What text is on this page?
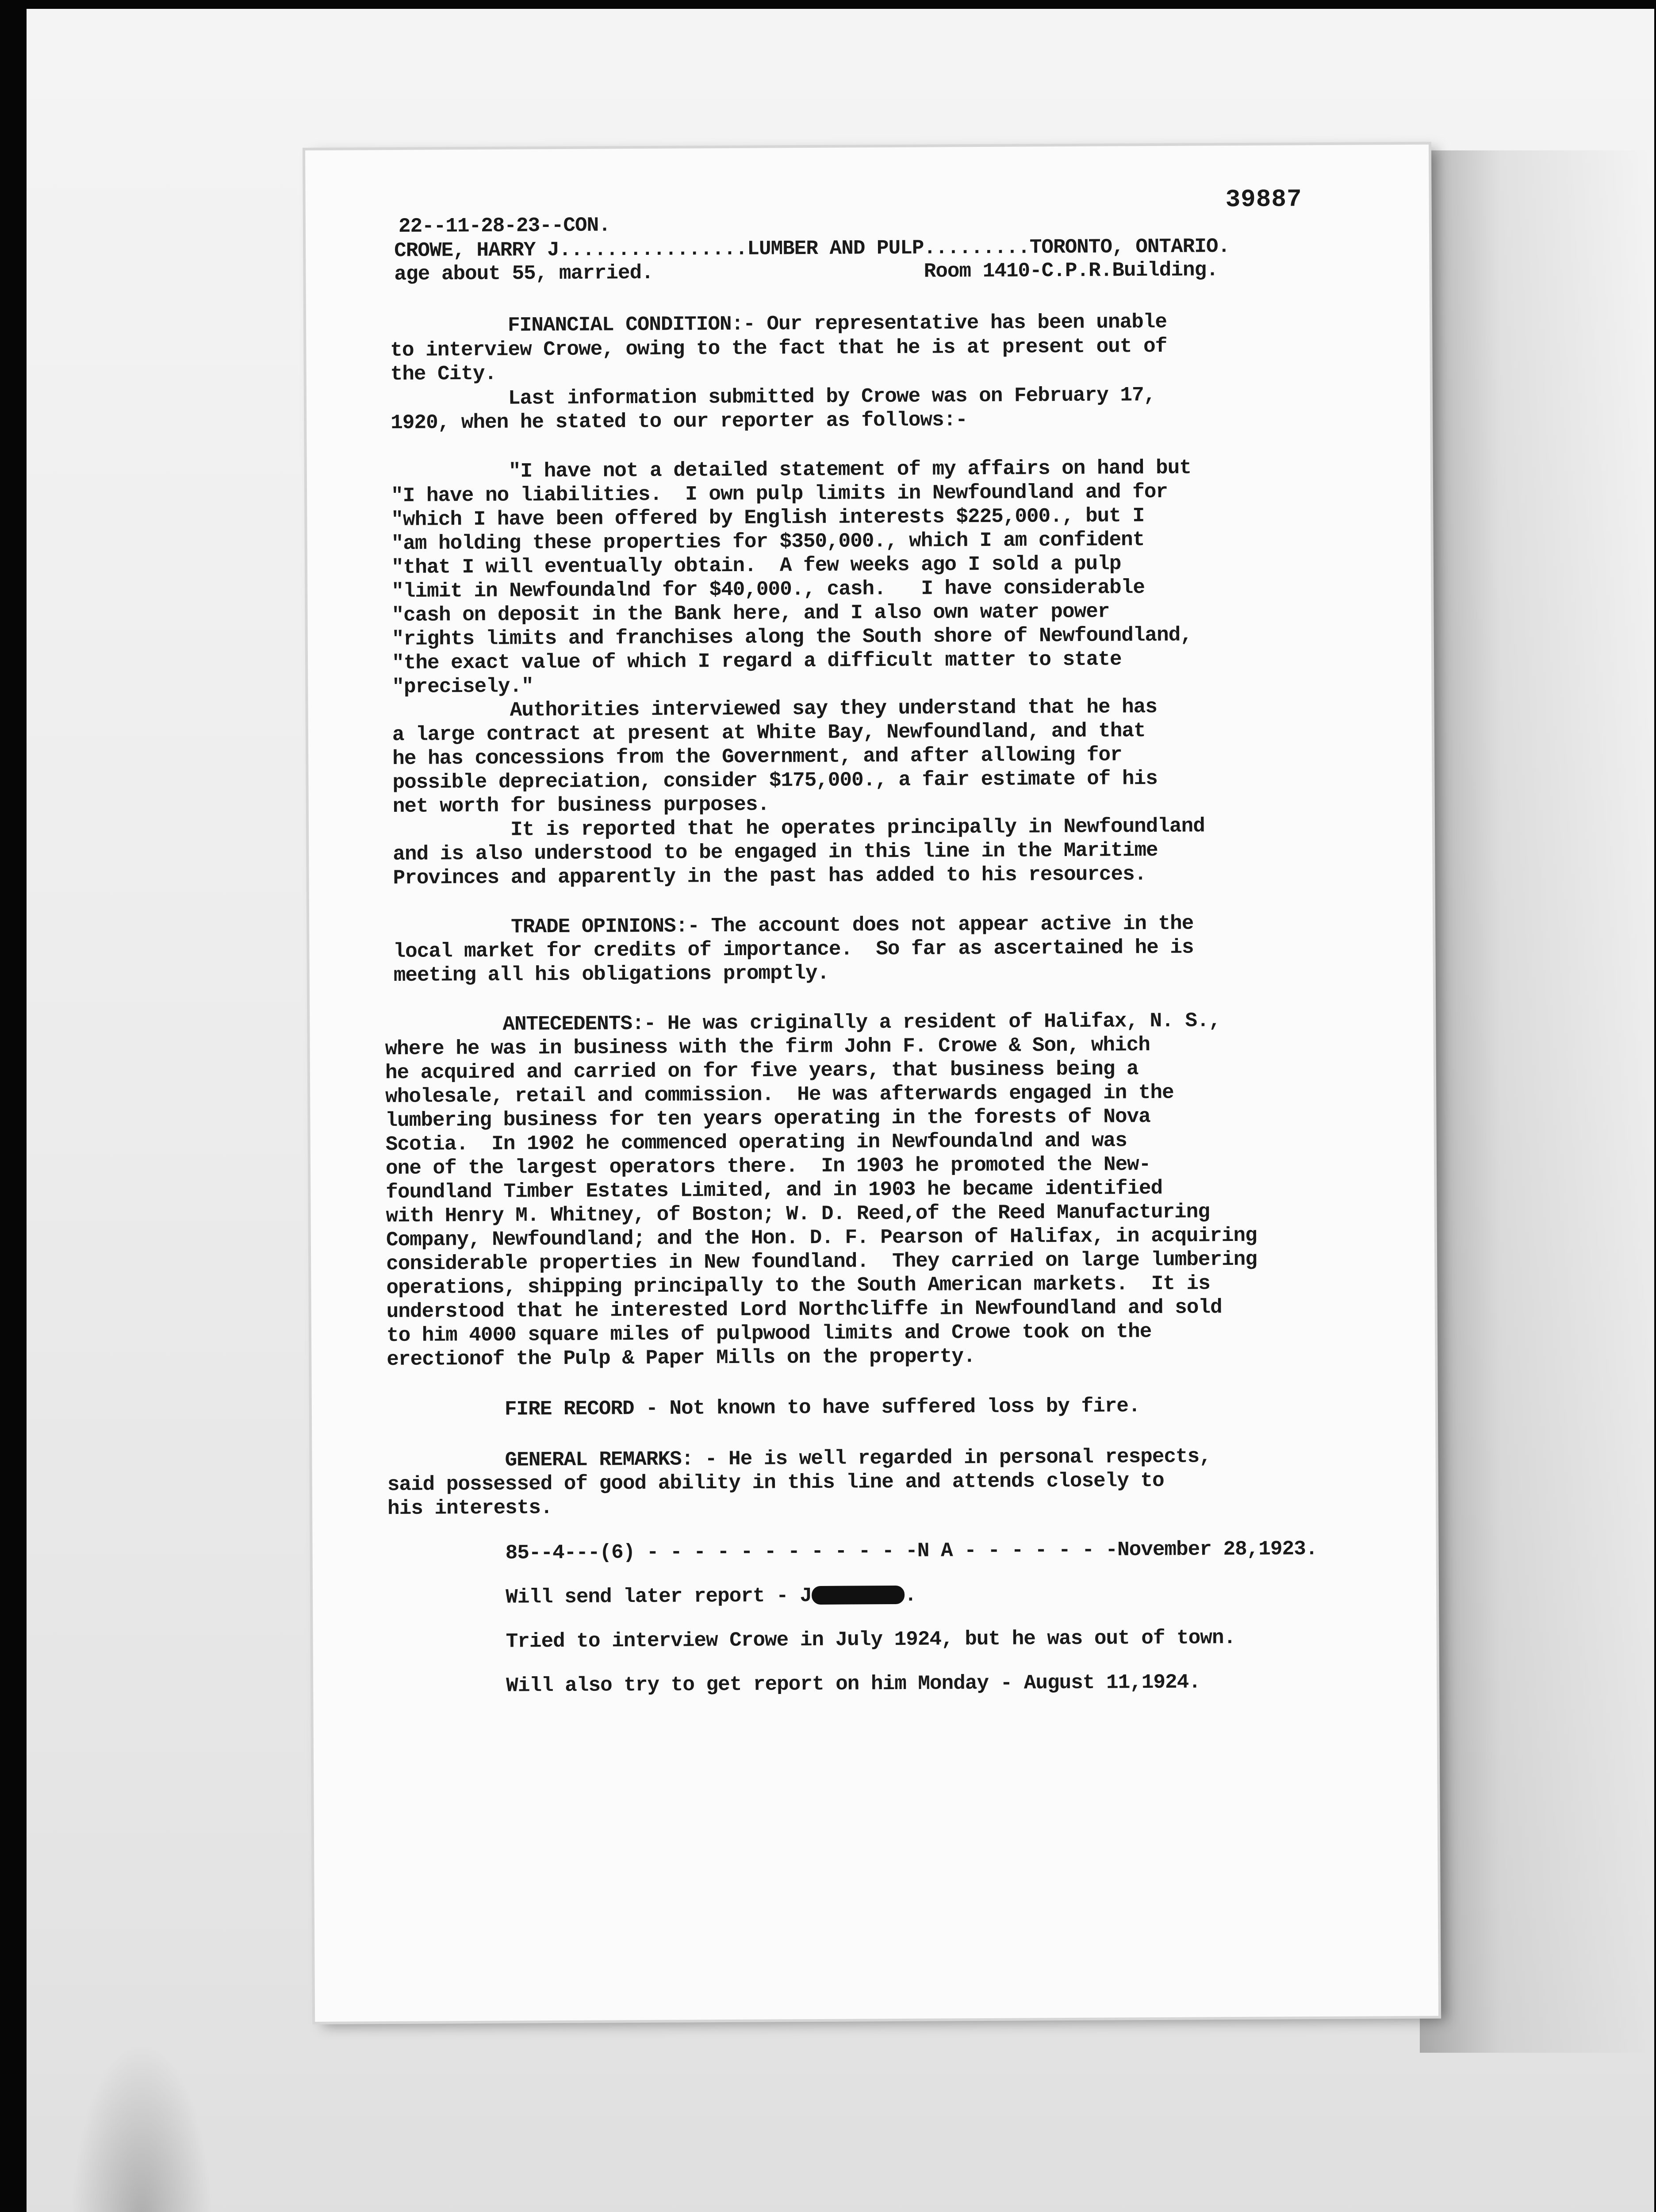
39887
22--11-28-23--CON.
CROWE, HARRY J................LUMBER AND PULP.........TORONTO, ONTARIO.
age about 55, married.                       Room 1410-C.P.R.Building.
FINANCIAL CONDITION:- Our representative has been unable
to interview Crowe, owing to the fact that he is at present out of
the City.
Last information submitted by Crowe was on February 17,
1920, when he stated to our reporter as follows:-
"I have not a detailed statement of my affairs on hand but
"I have no liabilities.  I own pulp limits in Newfoundland and for
"which I have been offered by English interests $225,000., but I
"am holding these properties for $350,000., which I am confident
"that I will eventually obtain.  A few weeks ago I sold a pulp
"limit in Newfoundalnd for $40,000., cash.   I have considerable
"cash on deposit in the Bank here, and I also own water power
"rights limits and franchises along the South shore of Newfoundland,
"the exact value of which I regard a difficult matter to state
"precisely."
Authorities interviewed say they understand that he has
a large contract at present at White Bay, Newfoundland, and that
he has concessions from the Government, and after allowing for
possible depreciation, consider $175,000., a fair estimate of his
net worth for business purposes.
It is reported that he operates principally in Newfoundland
and is also understood to be engaged in this line in the Maritime
Provinces and apparently in the past has added to his resources.
TRADE OPINIONS:- The account does not appear active in the
local market for credits of importance.  So far as ascertained he is
meeting all his obligations promptly.
ANTECEDENTS:- He was criginally a resident of Halifax, N. S.,
where he was in business with the firm John F. Crowe & Son, which
he acquired and carried on for five years, that business being a
wholesale, retail and commission.  He was afterwards engaged in the
lumbering business for ten years operating in the forests of Nova
Scotia.  In 1902 he commenced operating in Newfoundalnd and was
one of the largest operators there.  In 1903 he promoted the New-
foundland Timber Estates Limited, and in 1903 he became identified
with Henry M. Whitney, of Boston; W. D. Reed,of the Reed Manufacturing
Company, Newfoundland; and the Hon. D. F. Pearson of Halifax, in acquiring
considerable properties in New foundland.  They carried on large lumbering
operations, shipping principally to the South American markets.  It is
understood that he interested Lord Northcliffe in Newfoundland and sold
to him 4000 square miles of pulpwood limits and Crowe took on the
erectionof the Pulp & Paper Mills on the property.
FIRE RECORD - Not known to have suffered loss by fire.
GENERAL REMARKS: - He is well regarded in personal respects,
said possessed of good ability in this line and attends closely to
his interests.
85--4---(6) - - - - - - - - - - - -N A - - - - - - -November 28,1923.
Will send later report - J	.
Tried to interview Crowe in July 1924, but he was out of town.
Will also try to get report on him Monday - August 11,1924.
